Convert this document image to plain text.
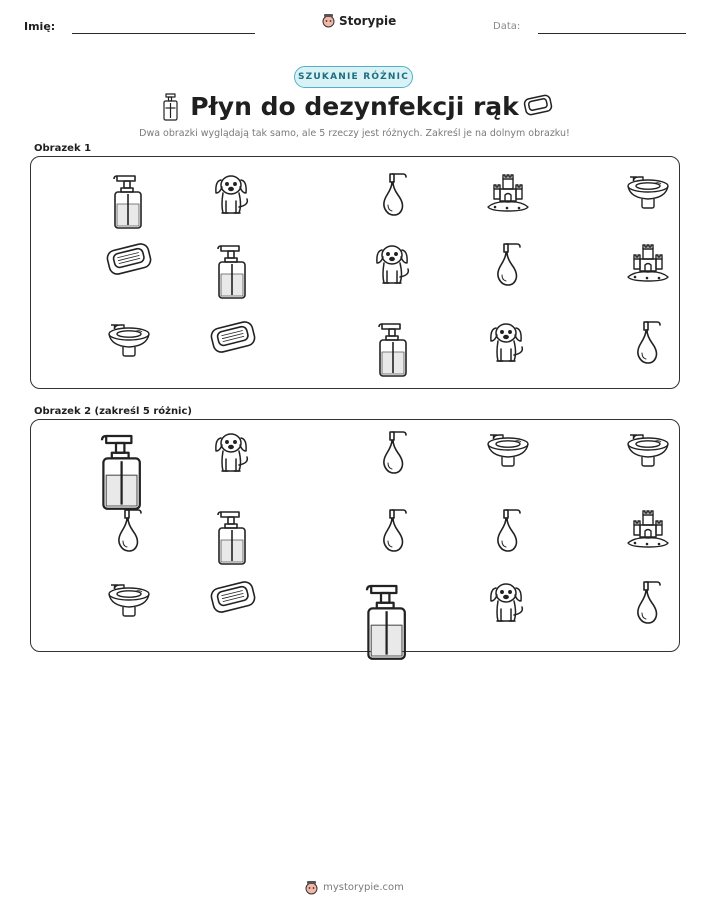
Imię:	Storypie	Data:
SZUKANIE RÓŻNIC
Płyn do dezynfekcji rąk
Dwa obrazki wyglądają tak samo, ale 5 rzeczy jest różnych. Zakreśl je na dolnym obrazku!
Obrazek 1
Obrazek 2 (zakreśl 5 różnic)
mystorypie.com
